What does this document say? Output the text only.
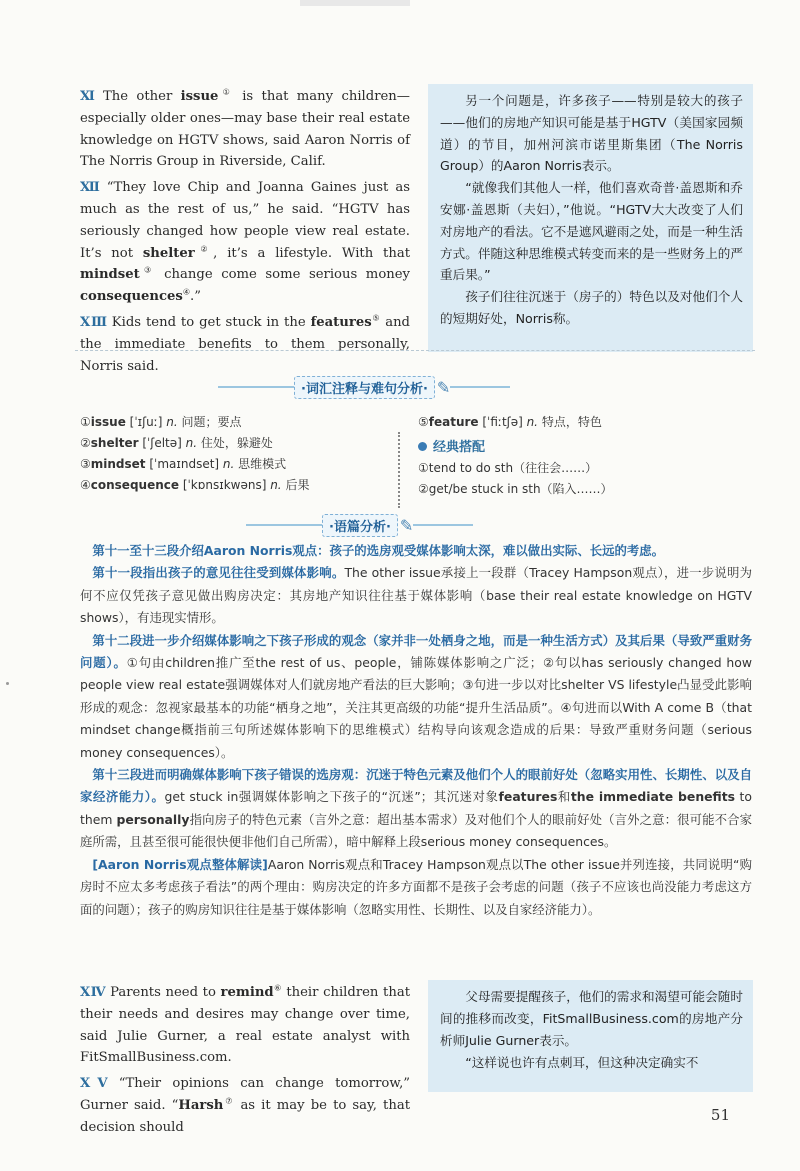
Ⅺ The other issue① is that many children—especially older ones—may base their real estate knowledge on HGTV shows, said Aaron Norris of The Norris Group in Riverside, Calif.

Ⅻ “They love Chip and Joanna Gaines just as much as the rest of us,” he said. “HGTV has seriously changed how people view real estate. It’s not shelter②, it’s a lifestyle. With that mindset③ change come some serious money consequences④.”

ⅩⅢ Kids tend to get stuck in the features⑤ and the immediate benefits to them personally, Norris said.

另一个问题是，许多孩子——特别是较大的孩子——他们的房地产知识可能是基于HGTV（美国家园频道）的节目，加州河滨市诺里斯集团（The Norris Group）的Aaron Norris表示。

“就像我们其他人一样，他们喜欢奇普·盖恩斯和乔安娜·盖恩斯（夫妇），”他说。“HGTV大大改变了人们对房地产的看法。它不是遮风避雨之处，而是一种生活方式。伴随这种思维模式转变而来的是一些财务上的严重后果。”

孩子们往往沉迷于（房子的）特色以及对他们个人的短期好处，Norris称。

·词汇注释与难句分析· ✎
①issue [ˈɪʃuː] n. 问题；要点
②shelter [ˈʃeltə] n. 住处，躲避处
③mindset [ˈmaɪndset] n. 思维模式
④consequence [ˈkɒnsɪkwəns] n. 后果
⑤feature [ˈfiːtʃə] n. 特点，特色
经典搭配
①tend to do sth（往往会……）
②get/be stuck in sth（陷入……）
·语篇分析· ✎

第十一至十三段介绍Aaron Norris观点：孩子的选房观受媒体影响太深，难以做出实际、长远的考虑。

第十一段指出孩子的意见往往受到媒体影响。The other issue承接上一段群（Tracey Hampson观点），进一步说明为何不应仅凭孩子意见做出购房决定：其房地产知识往往基于媒体影响（base their real estate knowledge on HGTV shows），有违现实情形。

第十二段进一步介绍媒体影响之下孩子形成的观念（家并非一处栖身之地，而是一种生活方式）及其后果（导致严重财务问题）。①句由children推广至the rest of us、people，铺陈媒体影响之广泛；②句以has seriously changed how people view real estate强调媒体对人们就房地产看法的巨大影响；③句进一步以对比shelter VS lifestyle凸显受此影响形成的观念：忽视家最基本的功能“栖身之地”，关注其更高级的功能“提升生活品质”。④句进而以With A come B（that mindset change概指前三句所述媒体影响下的思维模式）结构导向该观念造成的后果：导致严重财务问题（serious money consequences）。

第十三段进而明确媒体影响下孩子错误的选房观：沉迷于特色元素及他们个人的眼前好处（忽略实用性、长期性、以及自家经济能力）。get stuck in强调媒体影响之下孩子的“沉迷”；其沉迷对象features和the immediate benefits to them personally指向房子的特色元素（言外之意：超出基本需求）及对他们个人的眼前好处（言外之意：很可能不合家庭所需，且甚至很可能很快便非他们自己所需），暗中解释上段serious money consequences。

[Aaron Norris观点整体解读]Aaron Norris观点和Tracey Hampson观点以The other issue并列连接，共同说明“购房时不应太多考虑孩子看法”的两个理由：购房决定的许多方面都不是孩子会考虑的问题（孩子不应该也尚没能力考虑这方面的问题）；孩子的购房知识往往是基于媒体影响（忽略实用性、长期性、以及自家经济能力）。

ⅩⅣ Parents need to remind⑥ their children that their needs and desires may change over time, said Julie Gurner, a real estate analyst with FitSmallBusiness.com.

ⅩⅤ “Their opinions can change tomorrow,” Gurner said. “Harsh⑦ as it may be to say, that decision should

父母需要提醒孩子，他们的需求和渴望可能会随时间的推移而改变，FitSmallBusiness.com的房地产分析师Julie Gurner表示。

“这样说也许有点刺耳，但这种决定确实不

51
